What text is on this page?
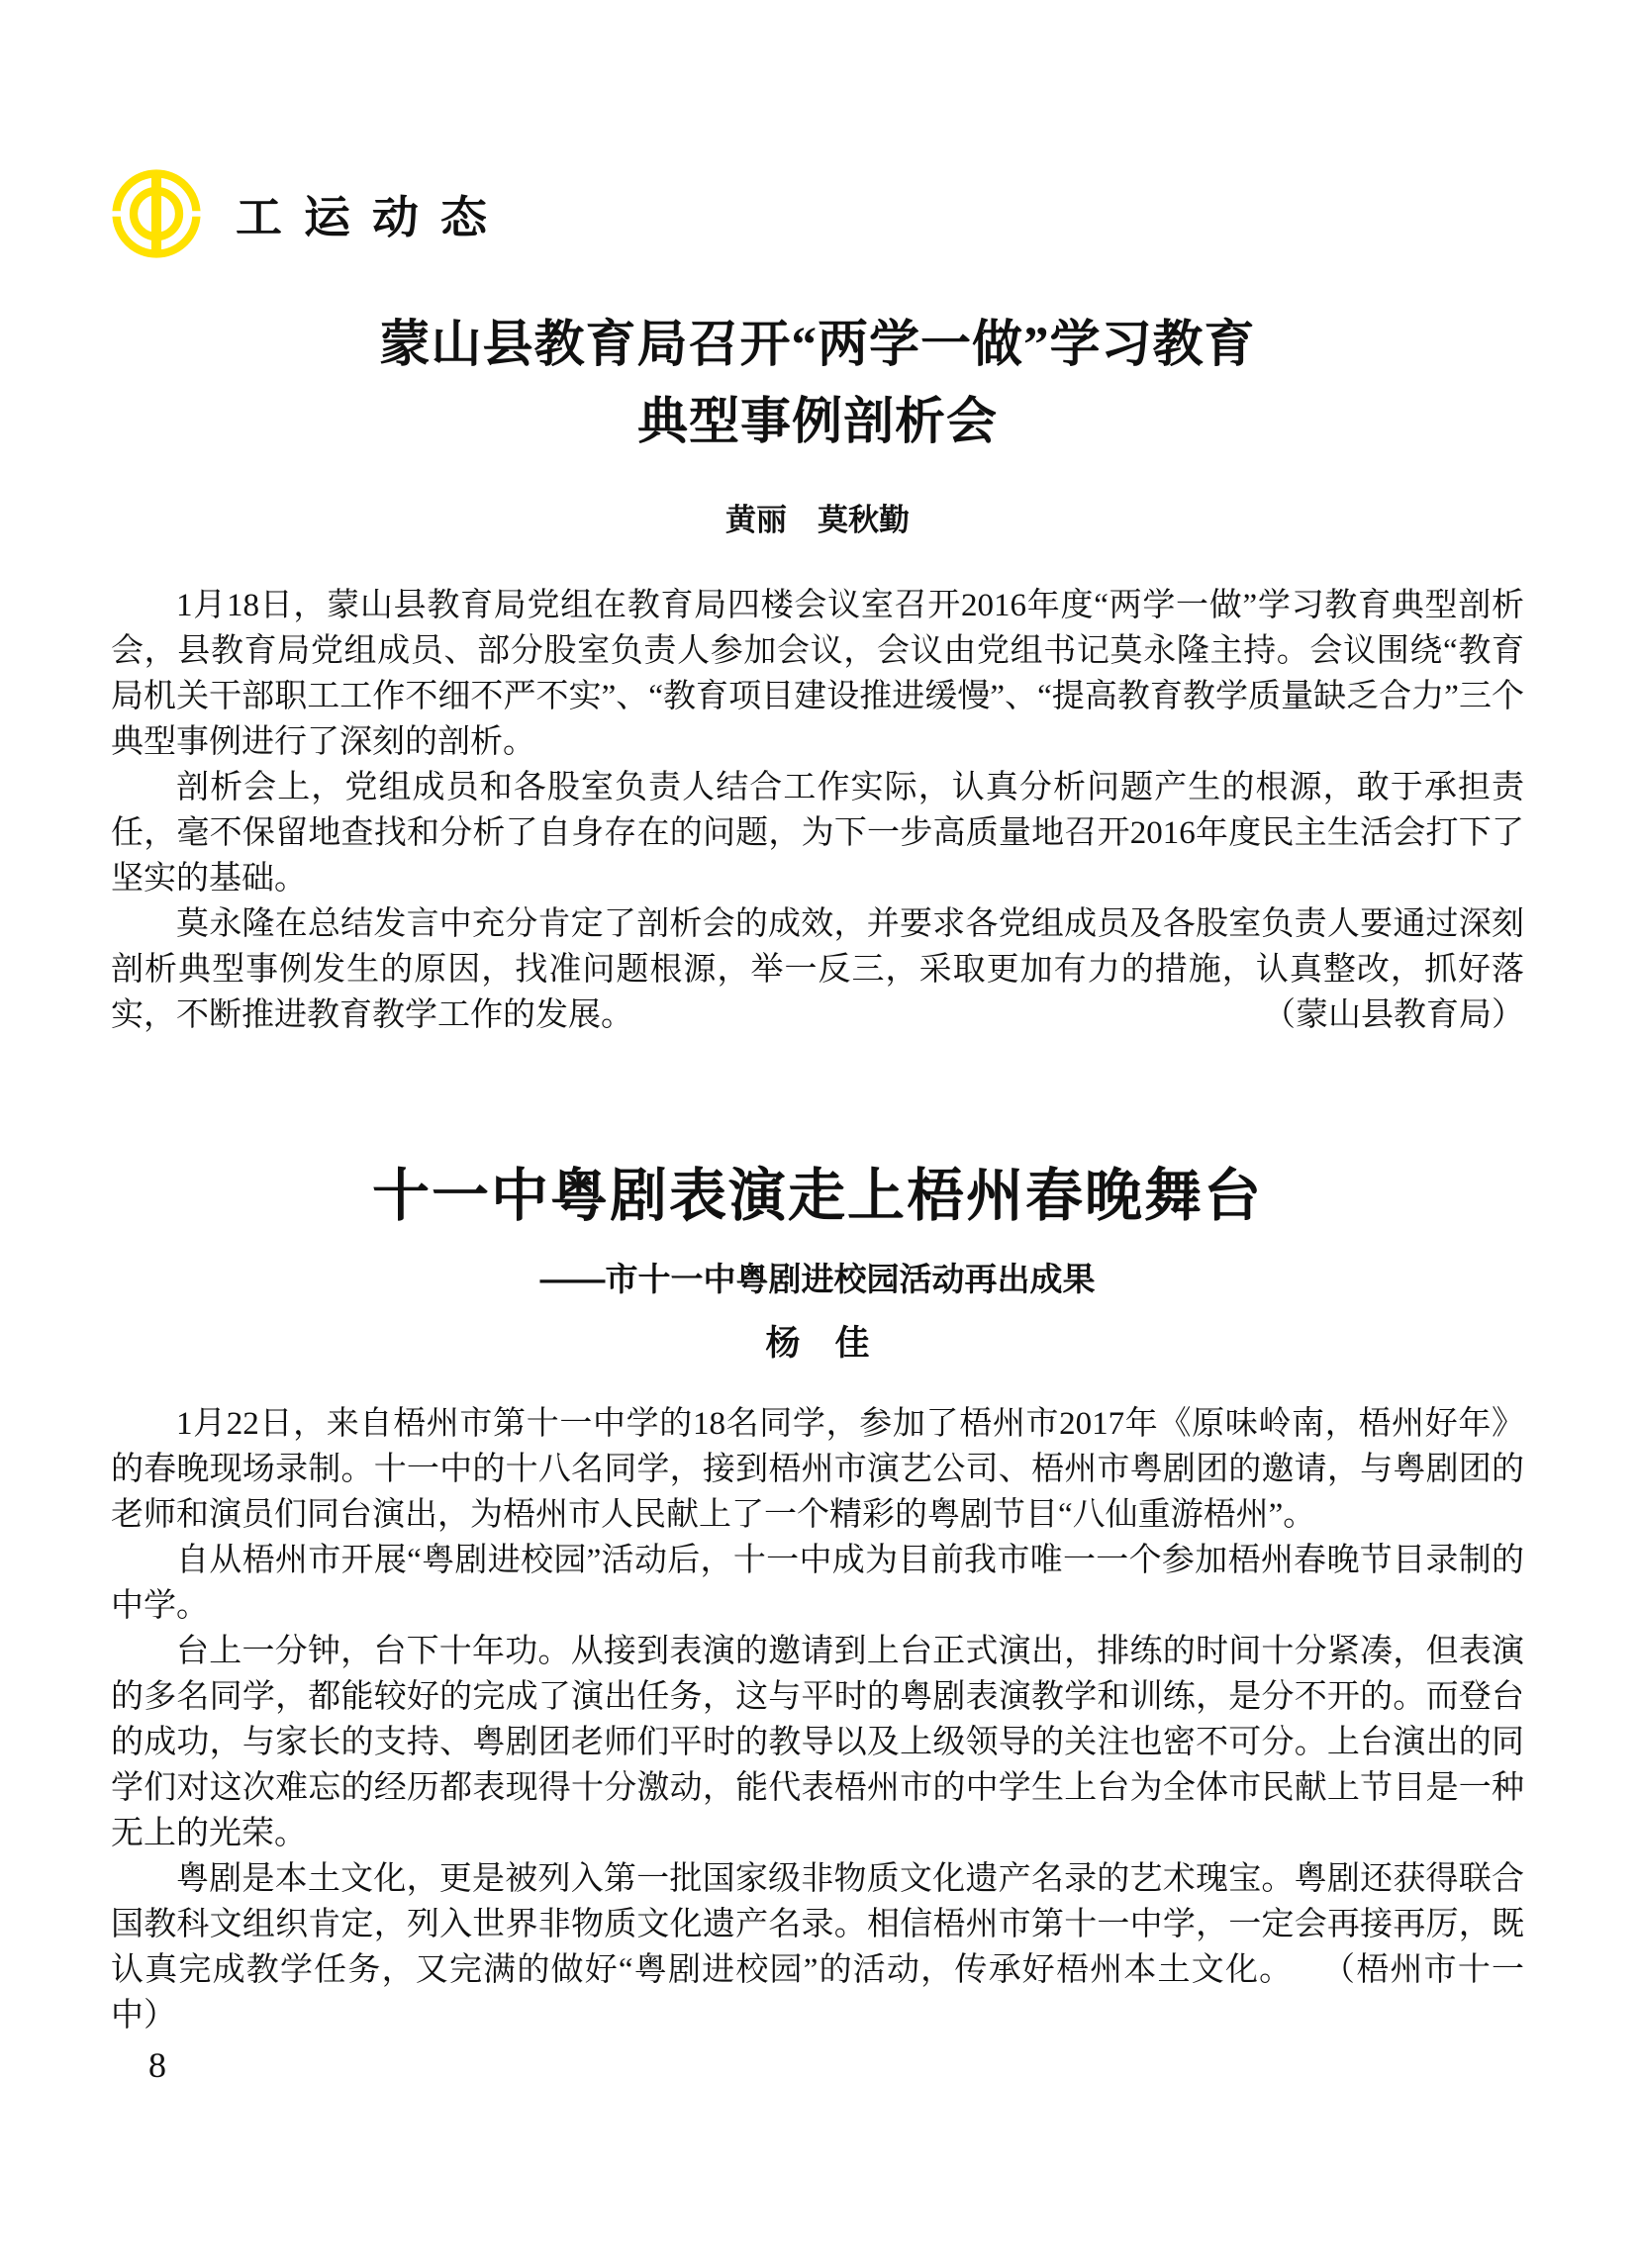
工运动态
蒙山县教育局召开“两学一做”学习教育
典型事例剖析会
黄丽　莫秋勤

1月18日，蒙山县教育局党组在教育局四楼会议室召开2016年度“两学一做”学习教育典型剖析会，县教育局党组成员、部分股室负责人参加会议，会议由党组书记莫永隆主持。会议围绕“教育局机关干部职工工作不细不严不实”、“教育项目建设推进缓慢”、“提高教育教学质量缺乏合力”三个典型事例进行了深刻的剖析。

剖析会上，党组成员和各股室负责人结合工作实际，认真分析问题产生的根源，敢于承担责任，毫不保留地查找和分析了自身存在的问题，为下一步高质量地召开2016年度民主生活会打下了坚实的基础。

莫永隆在总结发言中充分肯定了剖析会的成效，并要求各党组成员及各股室负责人要通过深刻剖析典型事例发生的原因，找准问题根源，举一反三，采取更加有力的措施，认真整改，抓好落实，不断推进教育教学工作的发展。	（蒙山县教育局）

十一中粤剧表演走上梧州春晚舞台
——市十一中粤剧进校园活动再出成果
杨　佳

1月22日，来自梧州市第十一中学的18名同学，参加了梧州市2017年《原味岭南，梧州好年》的春晚现场录制。十一中的十八名同学，接到梧州市演艺公司、梧州市粤剧团的邀请，与粤剧团的老师和演员们同台演出，为梧州市人民献上了一个精彩的粤剧节目“八仙重游梧州”。

自从梧州市开展“粤剧进校园”活动后，十一中成为目前我市唯一一个参加梧州春晚节目录制的中学。

台上一分钟，台下十年功。从接到表演的邀请到上台正式演出，排练的时间十分紧凑，但表演的多名同学，都能较好的完成了演出任务，这与平时的粤剧表演教学和训练，是分不开的。而登台的成功，与家长的支持、粤剧团老师们平时的教导以及上级领导的关注也密不可分。上台演出的同学们对这次难忘的经历都表现得十分激动，能代表梧州市的中学生上台为全体市民献上节目是一种无上的光荣。

粤剧是本土文化，更是被列入第一批国家级非物质文化遗产名录的艺术瑰宝。粤剧还获得联合国教科文组织肯定，列入世界非物质文化遗产名录。相信梧州市第十一中学，一定会再接再厉，既认真完成教学任务，又完满的做好“粤剧进校园”的活动，传承好梧州本土文化。 （梧州市十一中）

8
